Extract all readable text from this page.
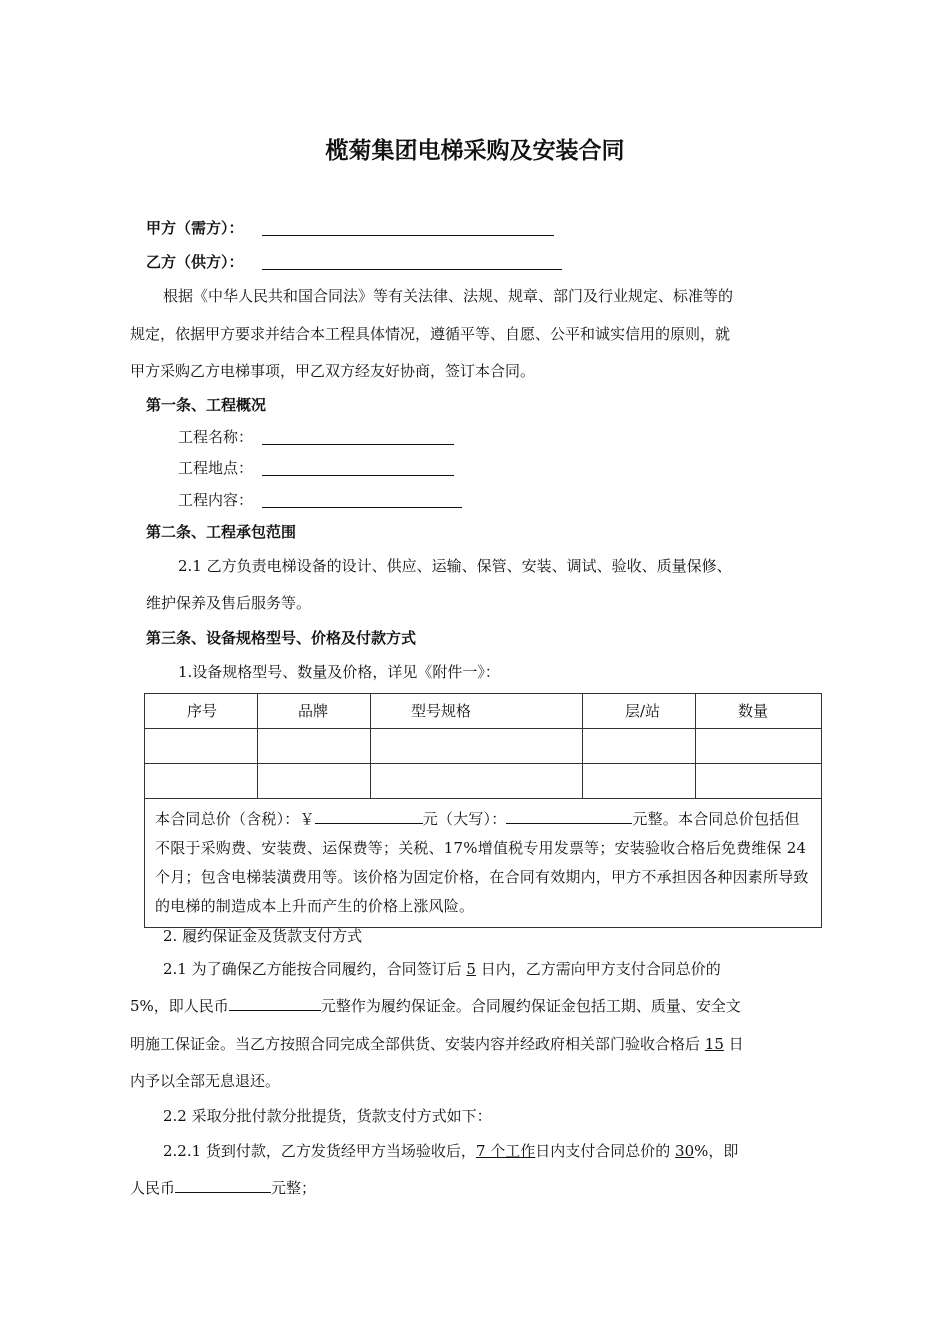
榄菊集团电梯采购及安装合同
甲方（需方）：
乙方（供方）：
根据《中华人民共和国合同法》等有关法律、法规、规章、部门及行业规定、标准等的
规定，依据甲方要求并结合本工程具体情况，遵循平等、自愿、公平和诚实信用的原则，就
甲方采购乙方电梯事项，甲乙双方经友好协商，签订本合同。
第一条、工程概况
工程名称：
工程地点：
工程内容：
第二条、工程承包范围
2.1 乙方负责电梯设备的设计、供应、运输、保管、安装、调试、验收、质量保修、
维护保养及售后服务等。
第三条、设备规格型号、价格及付款方式
1.设备规格型号、数量及价格，详见《附件一》：
序号	品牌	型号规格	层/站	数量

本合同总价（含税）：￥ 元（大写）： 元整。本合同总价包括但不限于采购费、安装费、运保费等；关税、17%增值税专用发票等；安装验收合格后免费维保 24 个月；包含电梯装潢费用等。该价格为固定价格，在合同有效期内，甲方不承担因各种因素所导致的电梯的制造成本上升而产生的价格上涨风险。				
2. 履约保证金及货款支付方式
2.1 为了确保乙方能按合同履约，合同签订后 5 日内，乙方需向甲方支付合同总价的
5%，即人民币	元整作为履约保证金。合同履约保证金包括工期、质量、安全文
明施工保证金。当乙方按照合同完成全部供货、安装内容并经政府相关部门验收合格后 15 日
内予以全部无息退还。
2.2 采取分批付款分批提货，货款支付方式如下：
2.2.1 货到付款，乙方发货经甲方当场验收后，7 个工作日内支付合同总价的 30%，即
人民币	元整；
